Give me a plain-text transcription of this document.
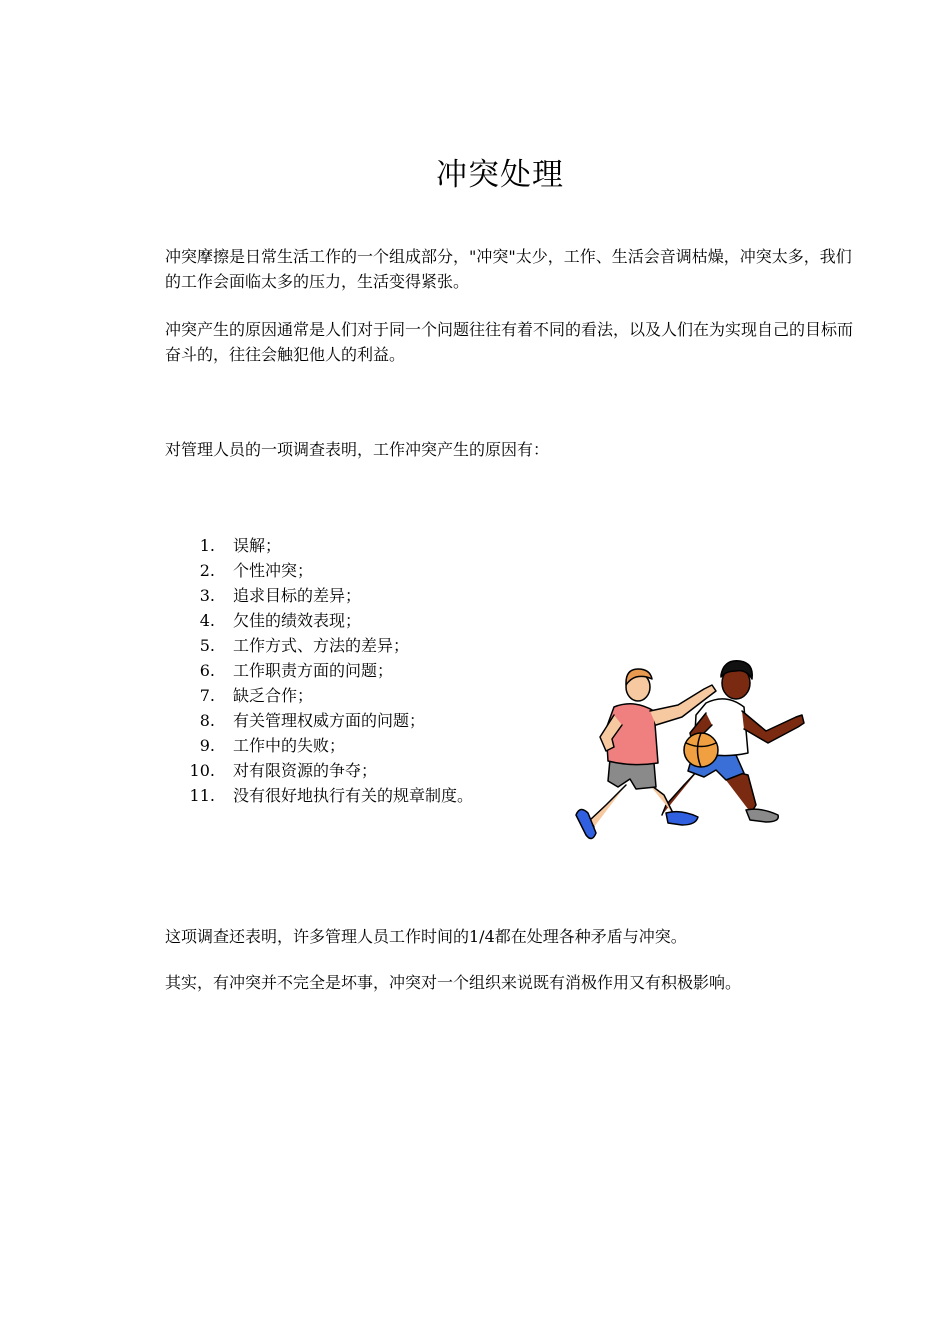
冲突处理

冲突摩擦是日常生活工作的一个组成部分，"冲突"太少，工作、生活会音调枯燥，冲突太多，我们的工作会面临太多的压力，生活变得紧张。

冲突产生的原因通常是人们对于同一个问题往往有着不同的看法，以及人们在为实现自己的目标而奋斗的，往往会触犯他人的利益。

对管理人员的一项调查表明，工作冲突产生的原因有：

1.	误解；
2.	个性冲突；
3.	追求目标的差异；
4.	欠佳的绩效表现；
5.	工作方式、方法的差异；
6.	工作职责方面的问题；
7.	缺乏合作；
8.	有关管理权威方面的问题；
9.	工作中的失败；
10.	对有限资源的争夺；
11.	没有很好地执行有关的规章制度。

这项调查还表明，许多管理人员工作时间的1/4都在处理各种矛盾与冲突。

其实，有冲突并不完全是坏事，冲突对一个组织来说既有消极作用又有积极影响。
